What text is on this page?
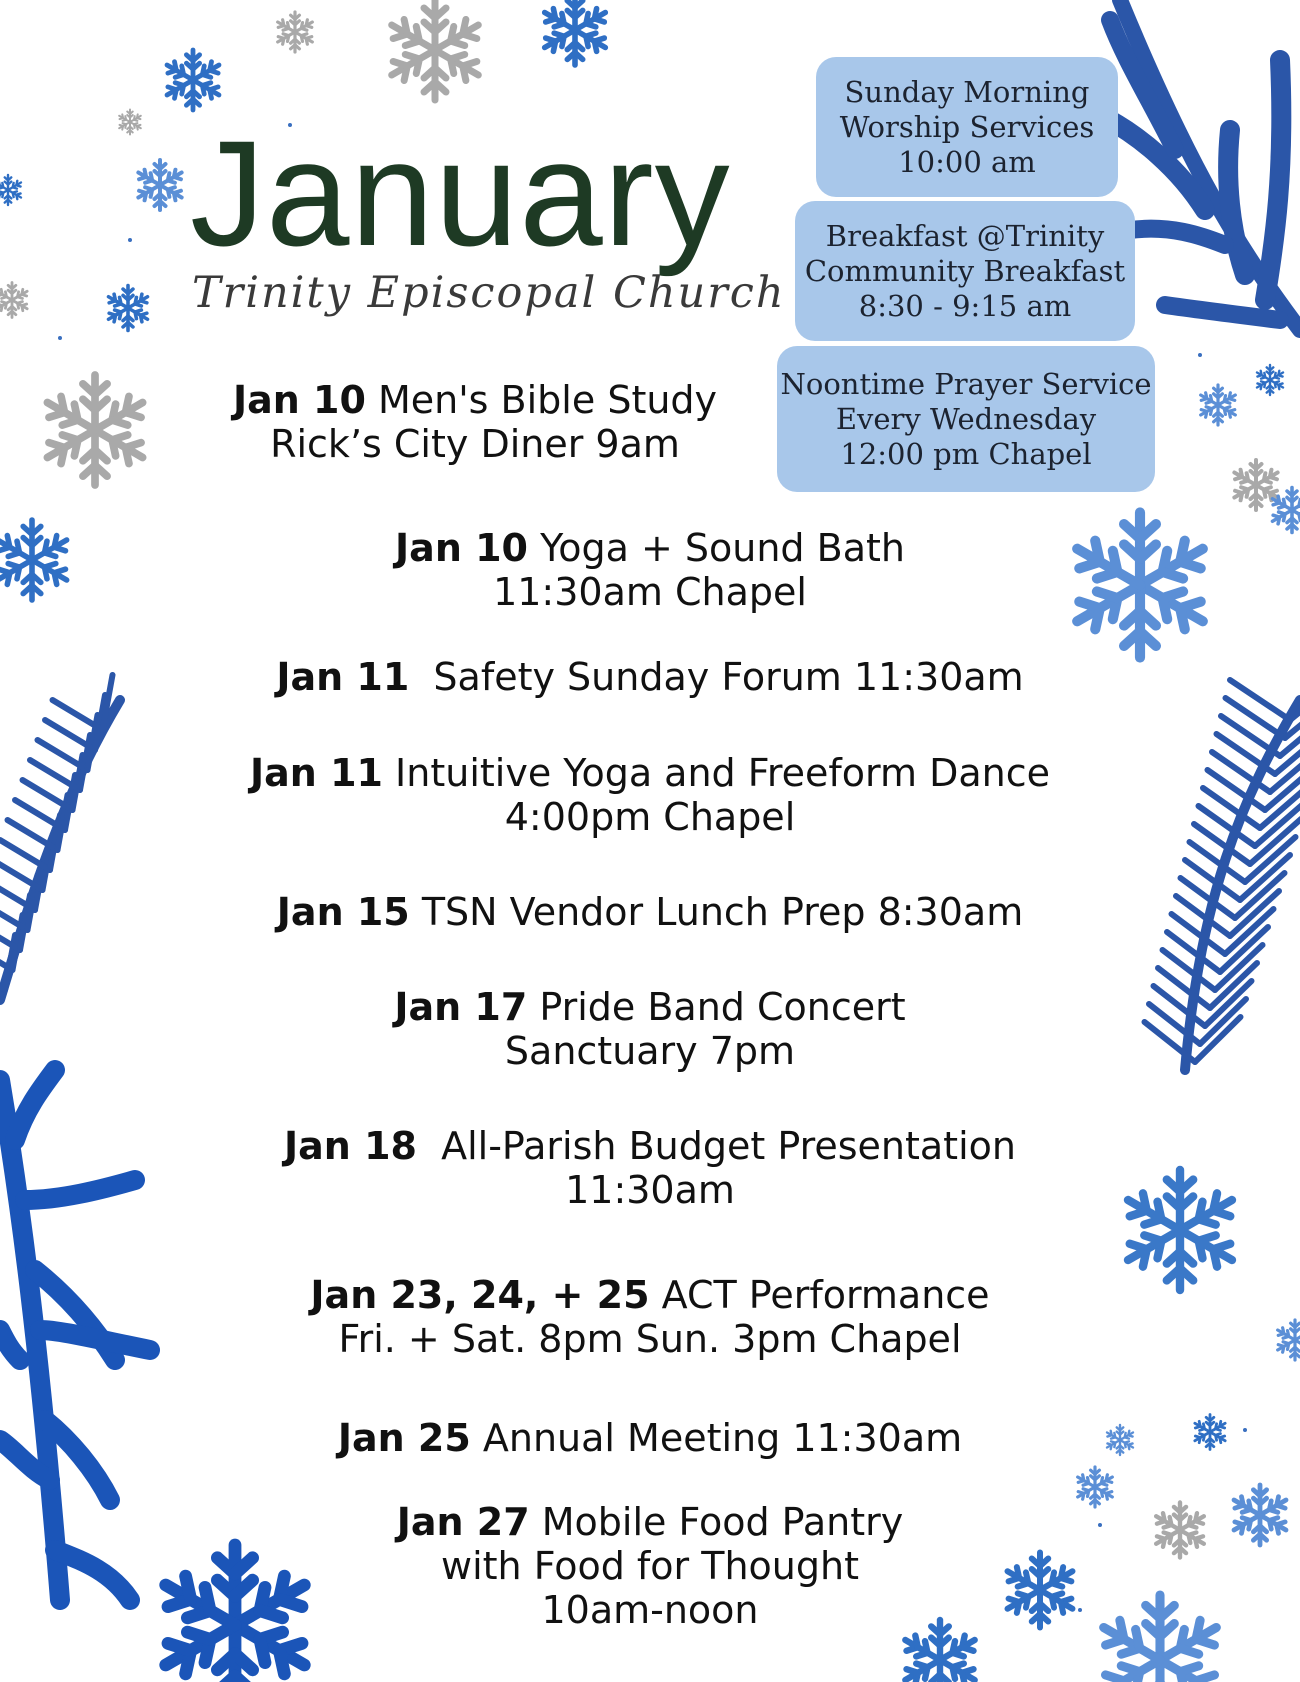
January
Trinity Episcopal Church
Sunday Morning
Worship Services
10:00 am
Breakfast @Trinity
Community Breakfast
8:30 - 9:15 am
Noontime Prayer Service
Every Wednesday
12:00 pm Chapel
Jan 10 Men's Bible Study
Rick’s City Diner 9am
Jan 10 Yoga + Sound Bath
11:30am Chapel
Jan 11  Safety Sunday Forum 11:30am
Jan 11 Intuitive Yoga and Freeform Dance
4:00pm Chapel
Jan 15 TSN Vendor Lunch Prep 8:30am
Jan 17 Pride Band Concert
Sanctuary 7pm
Jan 18  All-Parish Budget Presentation
11:30am
Jan 23, 24, + 25 ACT Performance
Fri. + Sat. 8pm Sun. 3pm Chapel
Jan 25 Annual Meeting 11:30am
Jan 27 Mobile Food Pantry
with Food for Thought
10am-noon
